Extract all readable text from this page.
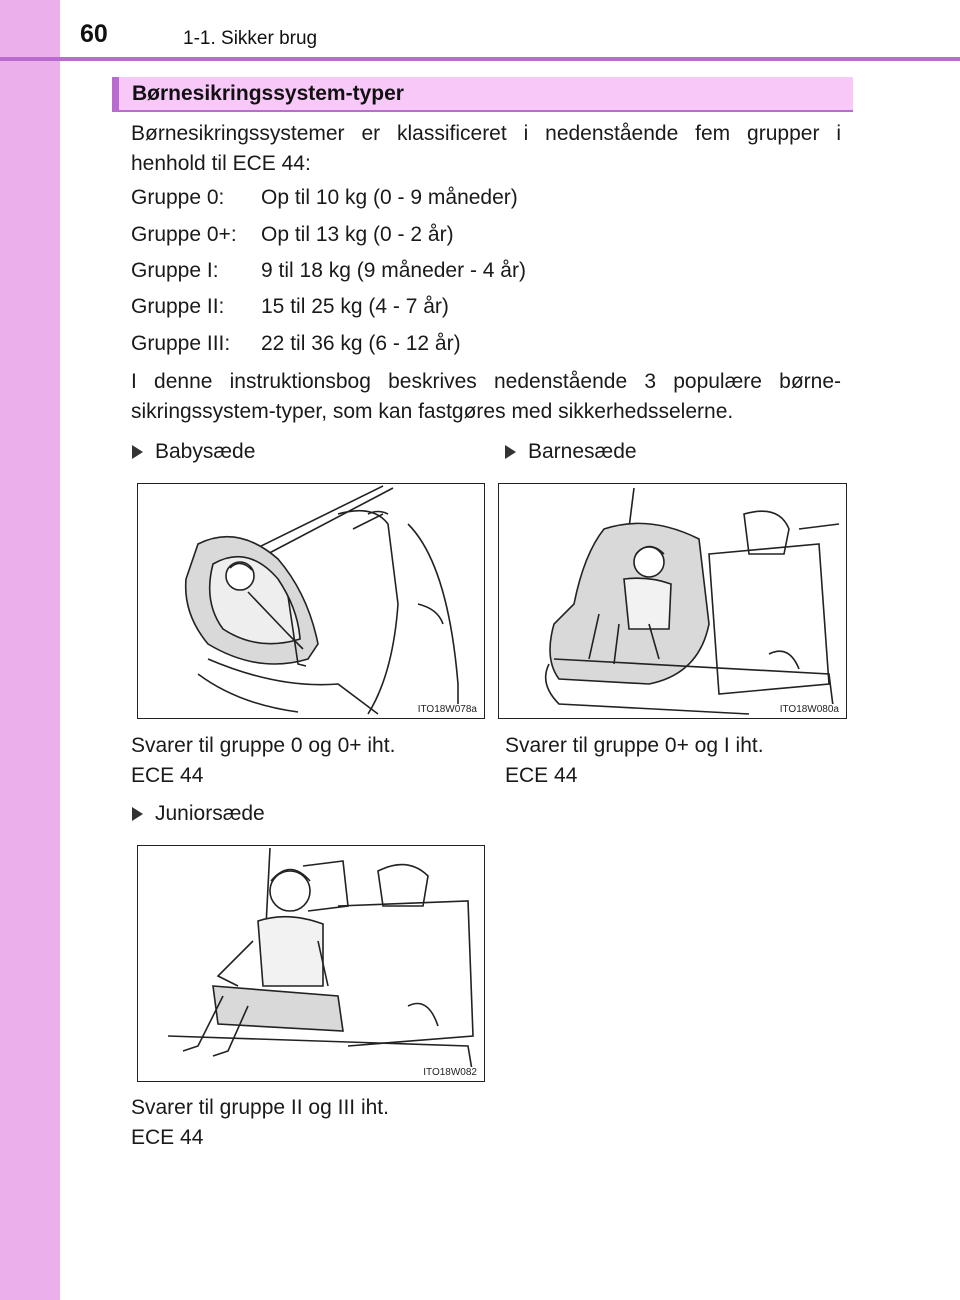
60	1-1. Sikker brug
Børnesikringssystem-typer
Børnesikringssystemer er klassificeret i nedenstående fem grupper i henhold til ECE 44:
Gruppe 0: Op til 10 kg (0 - 9 måneder)
Gruppe 0+: Op til 13 kg (0 - 2 år)
Gruppe I: 9 til 18 kg (9 måneder - 4 år)
Gruppe II: 15 til 25 kg (4 - 7 år)
Gruppe III: 22 til 36 kg (6 - 12 år)
I denne instruktionsbog beskrives nedenstående 3 populære børne-sikringssystem-typer, som kan fastgøres med sikkerhedsselerne.
Babysæde
ITO18W078a
Svarer til gruppe 0 og 0+ iht.
ECE 44
Barnesæde
ITO18W080a
Svarer til gruppe 0+ og I iht.
ECE 44
Juniorsæde
ITO18W082
Svarer til gruppe II og III iht.
ECE 44
